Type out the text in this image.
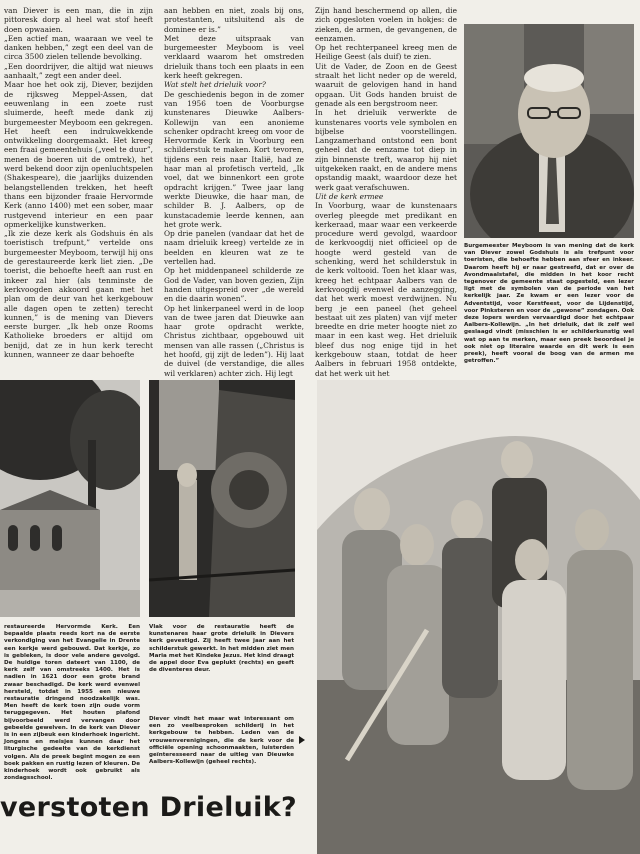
van Diever is een man, die in zijn pittoresk dorp al heel wat stof heeft doen opwaaien.

„Een actief man, waaraan we veel te danken hebben,” zegt een deel van de circa 3500 zielen tellende bevolking.

„Een doordrijver, die altijd wat nieuws aanhaalt,” zegt een ander deel.

Maar hoe het ook zij, Diever, bezijden de rijksweg Meppel-Assen, dat eeuwenlang in een zoete rust sluimerde, heeft mede dank zij burgemeester Meyboom een gekregen. Het heeft een indrukwekkende ontwikkeling doorgemaakt. Het kreeg een fraai gemeentehuis („veel te duur”, menen de boeren uit de omtrek), het werd bekend door zijn openluchtspelen (Shakespeare), die jaarlijks duizenden belangstellenden trekken, het heeft thans een bijzonder fraaie Hervormde Kerk (anno 1400) met een sober, maar rustgevend interieur en een paar opmerkelijke kunstwerken.

„Ik zie deze kerk als Godshuis én als toeristisch trefpunt,” vertelde ons burgemeester Meyboom, terwijl hij ons de gerestaureerde kerk liet zien. „De toerist, die behoefte heeft aan rust en inkeer zal hier (als tenminste de kerkvoogden akkoord gaan met het plan om de deur van het kerkgebouw alle dagen open te zetten) terecht kunnen,” is de mening van Dievers eerste burger. „Ik heb onze Rooms Katholieke broeders er altijd om benijd, dat ze in hun kerk terecht kunnen, wanneer ze daar behoefte

aan hebben en niet, zoals bij ons, protestanten, uitsluitend als de dominee er is.”

Met deze uitspraak van burgemeester Meyboom is veel verklaard waarom het omstreden drieluik thans toch een plaats in een kerk heeft gekregen.

Wat stelt het drieluik voor?

De geschiedenis begon in de zomer van 1956 toen de Voorburgse kunstenares Dieuwke Aalbers-Kollewijn van een anonieme schenker opdracht kreeg om voor de Hervormde Kerk in Voorburg een schilderstuk te maken. Kort tevoren, tijdens een reis naar Italië, had ze haar man al profetisch verteld, „Ik voel, dat we binnenkort een grote opdracht krijgen.” Twee jaar lang werkte Dieuwke, die haar man, de schilder B. J. Aalbers, op de kunstacademie leerde kennen, aan het grote werk.

Op drie panelen (vandaar dat het de naam drieluik kreeg) vertelde ze in beelden en kleuren wat ze te vertellen had.

Op het middenpaneel schilderde ze God de Vader, van boven gezien, Zijn handen uitgespreid over „de wereld en die daarin wonen”.

Op het linkerpaneel werd in de loop van de twee jaren dat Dieuwke aan haar grote opdracht werkte, Christus zichtbaar, opgebouwd uit mensen van alle rassen („Christus is het hoofd, gij zijt de leden”). Hij laat de duivel (de verstandige, die alles wil verklaren) achter zich. Hij legt

Zijn hand beschermend op allen, die zich opgesloten voelen in hokjes: de zieken, de armen, de gevangenen, de eenzamen.

Op het rechterpaneel kreeg men de Heilige Geest (als duif) te zien.

Uit de Vader, de Zoon en de Geest straalt het licht neder op de wereld, waaruit de gelovigen hand in hand opgaan. Uit Gods handen bruist de genade als een bergstroom neer.

In het drieluik verwerkte de kunstenares voorts vele symbolen en bijbelse voorstellingen. Langzamerhand ontstond een bont geheel dat de eenzame tot diep in zijn binnenste treft, waarop hij niet uitgekeken raakt, en de andere mens opstandig maakt, waardoor deze het werk gaat verafschuwen.

Uit de kerk ermee

In Voorburg, waar de kunstenaars overleg pleegde met predikant en kerkeraad, maar waar een verkeerde procedure werd gevolgd, waardoor de kerkvoogdij niet officieel op de hoogte werd gesteld van de schenking, werd het schilderstuk in de kerk voltooid. Toen het klaar was, kreeg het echtpaar Aalbers van de kerkvoogdij evenwel de aanzegging, dat het werk moest verdwijnen. Nu berg je een paneel (het geheel bestaat uit zes platen) van vijf meter breedte en drie meter hoogte niet zo maar in een kast weg. Het drieluik bleef dus nog enige tijd in het kerkgebouw staan, totdat de heer Aalbers in februari 1958 ontdekte, dat het werk uit het

Burgemeester Meyboom is van mening dat de kerk van Diever zowel Godshuis is als trefpunt voor toeristen, die behoefte hebben aan sfeer en inkeer. Daarom heeft hij er naar gestreefd, dat er over de Avondmaalstafel, die midden in het koor recht tegenover de gemeente staat opgesteld, een lezer ligt met de symbolen van de periode van het kerkelijk jaar. Ze kwam er een lezer voor de Adventstijd, voor Kerstfeest, voor de Lijdenstijd, voor Pinksteren en voor de „gewone” zondagen. Ook deze lopers werden vervaardigd door het echtpaar Aalbers-Kollewijn. „In het drieluik, dat ik zelf wel geslaagd vindt (misschien is er schilderkunstig wel wat op aan te merken, maar een preek beoordeel je ook niet op literaire waarde en dit werk is een preek), heeft vooral de boog van de armen me getroffen.”
restaureerde Hervormde Kerk. Een bepaalde plaats reeds kort na de eerste verkondiging van het Evangelie in Drente een kerkje werd gebouwd. Dat kerkje, zo is gebleken, is door vele andere gevolgd. De huidige toren dateert van 1100, de kerk zelf van omstreeks 1400. Het is nadien in 1621 door een grote brand zwaar beschadigd. De kerk werd evenwel hersteld, totdat in 1955 een nieuwe restauratie dringend noodzakelijk was. Men heeft de kerk toen zijn oude vorm teruggegeven. Het houten plafond bijvoorbeeld werd vervangen door gebeelde gewelven. In de kerk van Diever is in een zijbeuk een kinderhoek ingericht. Jongens en meisjes kunnen daar het liturgische gedeelte van de kerkdienst volgen. Als de preek begint mogen ze een boek pakken en rustig lezen of kleuren. De kinderhoek wordt ook gebruikt als zondagsschool.
Vlak voor de restauratie heeft de kunstenares haar grote drieluik in Dievers kerk gevestigd. Zij heeft twee jaar aan het schilderstuk gewerkt. In het midden ziet men Maria met het Kindeke Jezus. Het kind draagt de appel door Eva geplukt (rechts) en geeft de diventeres deur.
Diever vindt het maar wat interessant om een zo veelbesproken schilderij in het kerkgebouw te hebben. Leden van de vrouwenverenigingen, die de kerk voor de officiële opening schoonmaakten, luisterden geïnteresseerd naar de uitleg van Dieuwke Aalbers-Kollewijn (geheel rechts).
verstoten Drieluik?
